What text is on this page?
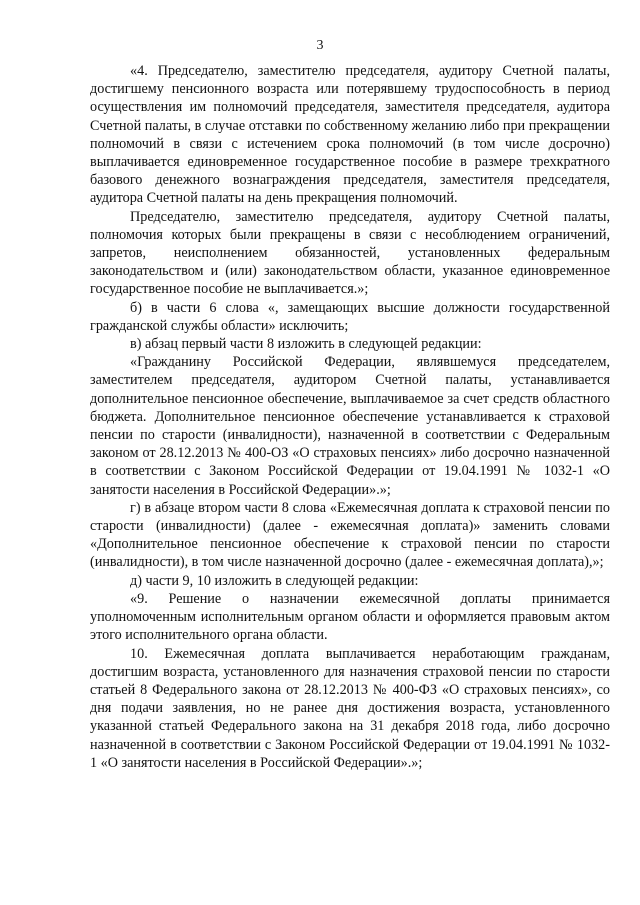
3

«4. Председателю, заместителю председателя, аудитору Счетной палаты, достигшему пенсионного возраста или потерявшему трудоспособность в период осуществления им полномочий председателя, заместителя председателя, аудитора Счетной палаты, в случае отставки по собственному желанию либо при прекращении полномочий в связи с истечением срока полномочий (в том числе досрочно) выплачивается единовременное государственное пособие в размере трехкратного базового денежного вознаграждения председателя, заместителя председателя, аудитора Счетной палаты на день прекращения полномочий.

Председателю, заместителю председателя, аудитору Счетной палаты, полномочия которых были прекращены в связи с несоблюдением ограничений, запретов, неисполнением обязанностей, установленных федеральным законодательством и (или) законодательством области, указанное единовременное государственное пособие не выплачивается.»;

б) в части 6 слова «, замещающих высшие должности государственной гражданской службы области» исключить;

в) абзац первый части 8 изложить в следующей редакции:

«Гражданину Российской Федерации, являвшемуся председателем, заместителем председателя, аудитором Счетной палаты, устанавливается дополнительное пенсионное обеспечение, выплачиваемое за счет средств областного бюджета. Дополнительное пенсионное обеспечение устанавливается к страховой пенсии по старости (инвалидности), назначенной в соответствии с Федеральным законом от 28.12.2013 № 400-ОЗ «О страховых пенсиях» либо досрочно назначенной в соответствии с Законом Российской Федерации от 19.04.1991 № 1032-1 «О занятости населения в Российской Федерации».»;

г) в абзаце втором части 8 слова «Ежемесячная доплата к страховой пенсии по старости (инвалидности) (далее - ежемесячная доплата)» заменить словами «Дополнительное пенсионное обеспечение к страховой пенсии по старости (инвалидности), в том числе назначенной досрочно (далее - ежемесячная доплата),»;

д) части 9, 10 изложить в следующей редакции:

«9. Решение о назначении ежемесячной доплаты принимается уполномоченным исполнительным органом области и оформляется правовым актом этого исполнительного органа области.

10. Ежемесячная доплата выплачивается неработающим гражданам, достигшим возраста, установленного для назначения страховой пенсии по старости статьей 8 Федерального закона от 28.12.2013 № 400-ФЗ «О страховых пенсиях», со дня подачи заявления, но не ранее дня достижения возраста, установленного указанной статьей Федерального закона на 31 декабря 2018 года, либо досрочно назначенной в соответствии с Законом Российской Федерации от 19.04.1991 № 1032-1 «О занятости населения в Российской Федерации».»;
